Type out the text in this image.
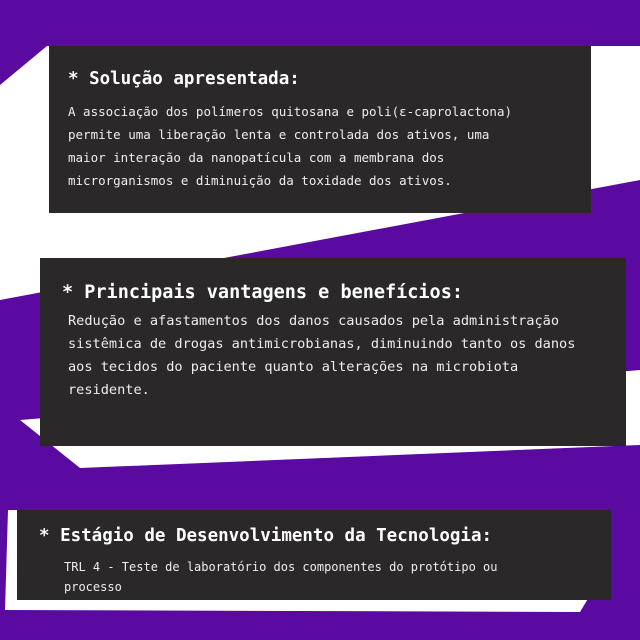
* Solução apresentada:

A associação dos polímeros quitosana e poli(ε-caprolactona)
permite uma liberação lenta e controlada dos ativos, uma
maior interação da nanopatícula com a membrana dos
microrganismos e diminuição da toxidade dos ativos.

* Principais vantagens e benefícios:

Redução e afastamentos dos danos causados pela administração
sistêmica de drogas antimicrobianas, diminuindo tanto os danos
aos tecidos do paciente quanto alterações na microbiota
residente.

* Estágio de Desenvolvimento da Tecnologia:

TRL 4 - Teste de laboratório dos componentes do protótipo ou
processo
